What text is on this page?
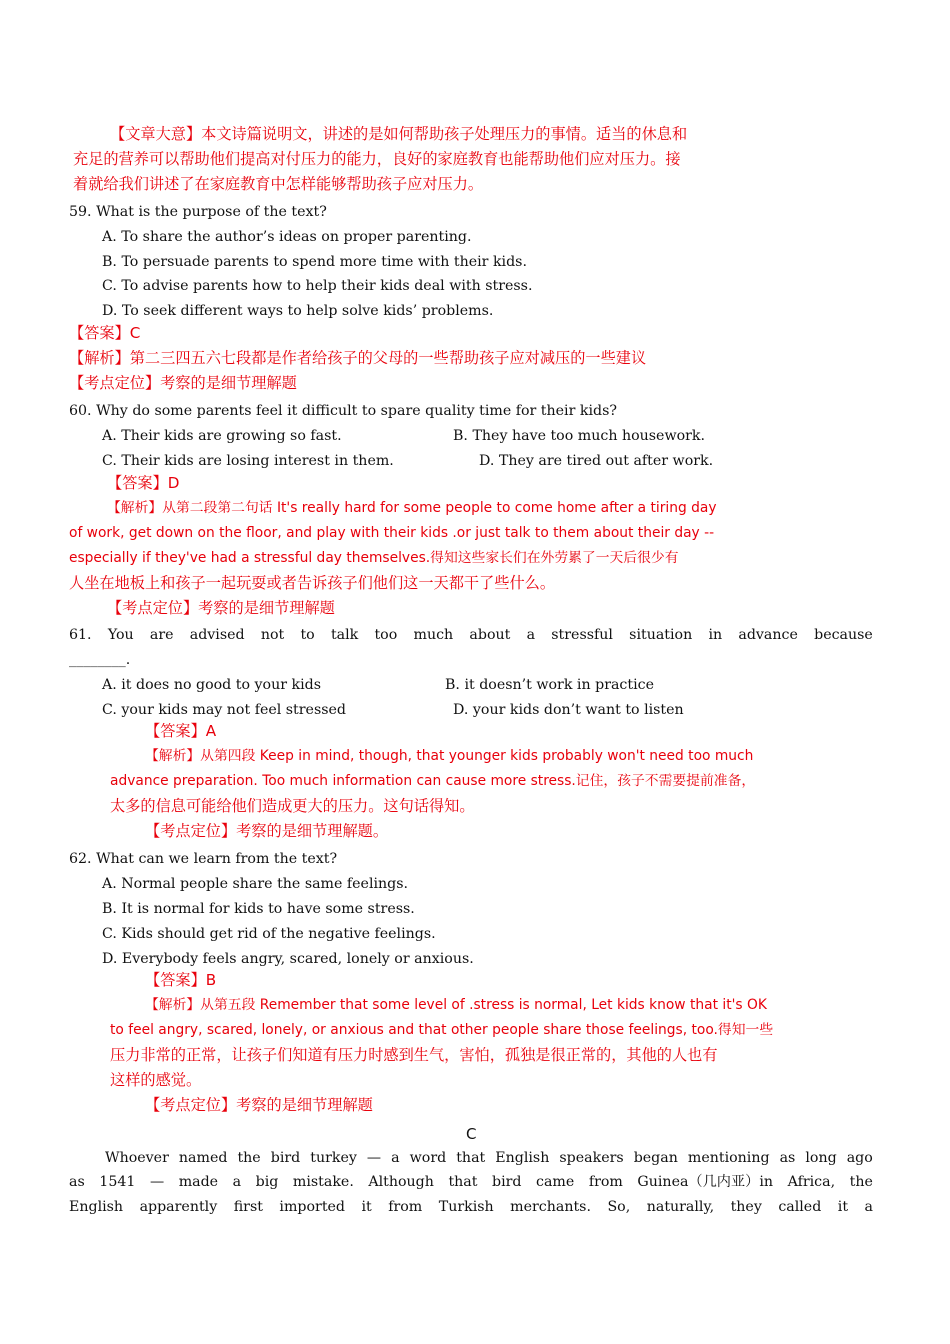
【文章大意】本文诗篇说明文，讲述的是如何帮助孩子处理压力的事情。适当的休息和
充足的营养可以帮助他们提高对付压力的能力，良好的家庭教育也能帮助他们应对压力。接
着就给我们讲述了在家庭教育中怎样能够帮助孩子应对压力。
59. What is the purpose of the text?
A. To share the author’s ideas on proper parenting.
B. To persuade parents to spend more time with their kids.
C. To advise parents how to help their kids deal with stress.
D. To seek different ways to help solve kids’ problems.
【答案】C
【解析】第二三四五六七段都是作者给孩子的父母的一些帮助孩子应对减压的一些建议
【考点定位】考察的是细节理解题
60. Why do some parents feel it difficult to spare quality time for their kids?
A. Their kids are growing so fast.	B. They have too much housework.
C. Their kids are losing interest in them.	D. They are tired out after work.
【答案】D
【解析】从第二段第二句话 It's really hard for some people to come home after a tiring day
of work, get down on the floor, and play with their kids .or just talk to them about their day --
especially if they've had a stressful day themselves.得知这些家长们在外劳累了一天后很少有
人坐在地板上和孩子一起玩耍或者告诉孩子们他们这一天都干了些什么。
【考点定位】考察的是细节理解题
61. You are advised not to talk too much about a stressful situation in advance because
________.
A. it does no good to your kids	B. it doesn’t work in practice
C. your kids may not feel stressed	D. your kids don’t want to listen
【答案】A
【解析】从第四段 Keep in mind, though, that younger kids probably won't need too much
advance preparation. Too much information can cause more stress.记住，孩子不需要提前准备，
太多的信息可能给他们造成更大的压力。这句话得知。
【考点定位】考察的是细节理解题。
62. What can we learn from the text?
A. Normal people share the same feelings.
B. It is normal for kids to have some stress.
C. Kids should get rid of the negative feelings.
D. Everybody feels angry, scared, lonely or anxious.
【答案】B
【解析】从第五段 Remember that some level of .stress is normal, Let kids know that it's OK
to feel angry, scared, lonely, or anxious and that other people share those feelings, too.得知一些
压力非常的正常，让孩子们知道有压力时感到生气，害怕，孤独是很正常的，其他的人也有
这样的感觉。
【考点定位】考察的是细节理解题
C
Whoever named the bird turkey — a word that English speakers began mentioning as long ago
as 1541 — made a big mistake. Although that bird came from Guinea（几内亚）in Africa, the
English apparently first imported it from Turkish merchants. So, naturally, they called it a
